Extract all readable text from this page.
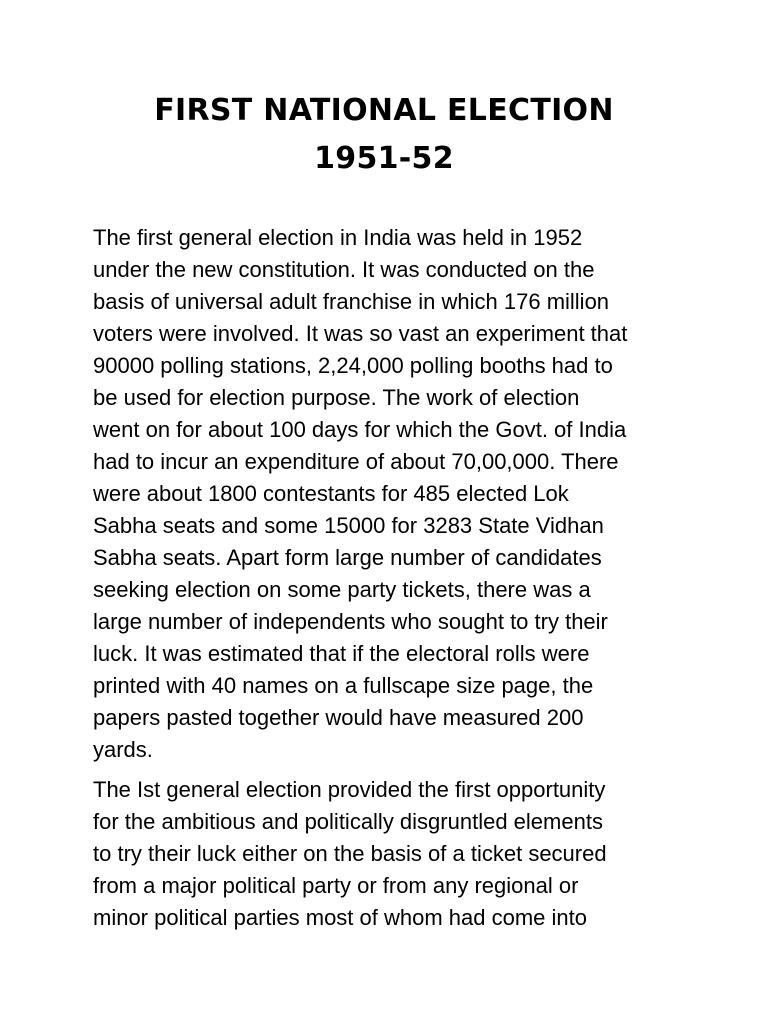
FIRST NATIONAL ELECTION
1951-52
The first general election in India was held in 1952
under the new constitution. It was conducted on the
basis of universal adult franchise in which 176 million
voters were involved. It was so vast an experiment that
90000 polling stations, 2,24,000 polling booths had to
be used for election purpose. The work of election
went on for about 100 days for which the Govt. of India
had to incur an expenditure of about 70,00,000. There
were about 1800 contestants for 485 elected Lok
Sabha seats and some 15000 for 3283 State Vidhan
Sabha seats. Apart form large number of candidates
seeking election on some party tickets, there was a
large number of independents who sought to try their
luck. It was estimated that if the electoral rolls were
printed with 40 names on a fullscape size page, the
papers pasted together would have measured 200
yards.
The Ist general election provided the first opportunity
for the ambitious and politically disgruntled elements
to try their luck either on the basis of a ticket secured
from a major political party or from any regional or
minor political parties most of whom had come into
